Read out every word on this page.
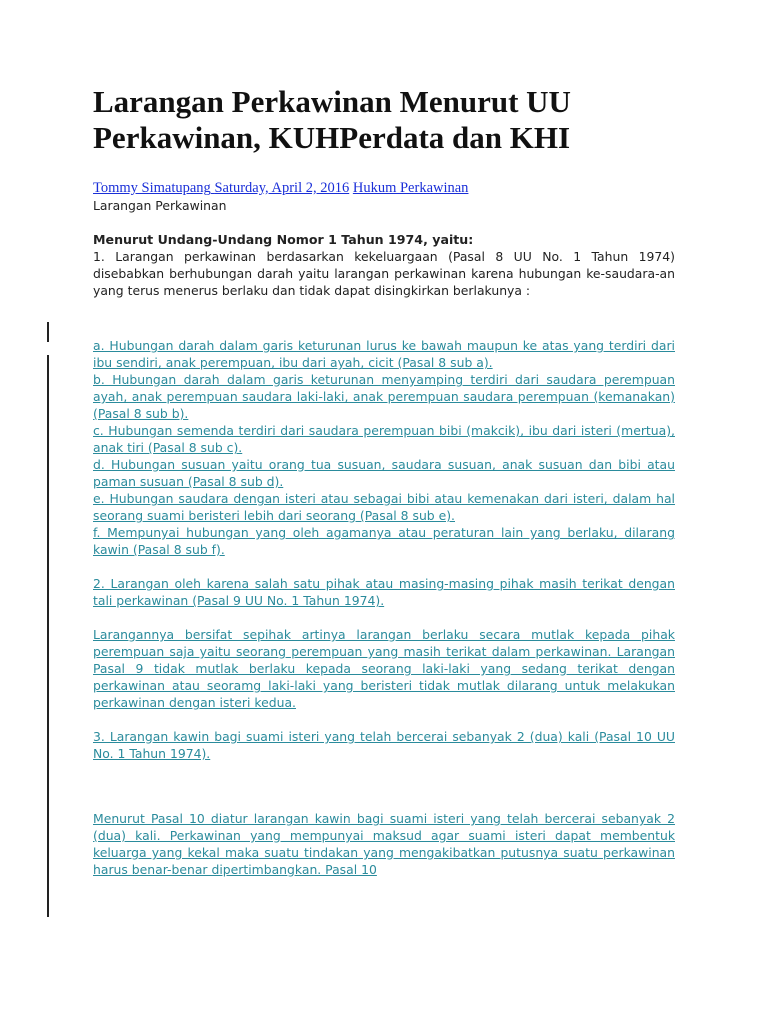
Larangan Perkawinan Menurut UU Perkawinan, KUHPerdata dan KHI
Tommy Simatupang Saturday, April 2, 2016 Hukum Perkawinan
Larangan Perkawinan
Menurut Undang-Undang Nomor 1 Tahun 1974, yaitu:

1. Larangan perkawinan berdasarkan kekeluargaan (Pasal 8 UU No. 1 Tahun 1974) disebabkan berhubungan darah yaitu larangan perkawinan karena hubungan ke-saudara-an yang terus menerus berlaku dan tidak dapat disingkirkan berlakunya :

a. Hubungan darah dalam garis keturunan lurus ke bawah maupun ke atas yang terdiri dari ibu sendiri, anak perempuan, ibu dari ayah, cicit (Pasal 8 sub a).
b. Hubungan darah dalam garis keturunan menyamping terdiri dari saudara perempuan ayah, anak perempuan saudara laki-laki, anak perempuan saudara perempuan (kemanakan) (Pasal 8 sub b).
c. Hubungan semenda terdiri dari saudara perempuan bibi (makcik), ibu dari isteri (mertua), anak tiri (Pasal 8 sub c).
d. Hubungan susuan yaitu orang tua susuan, saudara susuan, anak susuan dan bibi atau paman susuan (Pasal 8 sub d).
e. Hubungan saudara dengan isteri atau sebagai bibi atau kemenakan dari isteri, dalam hal seorang suami beristeri lebih dari seorang (Pasal 8 sub e).
f. Mempunyai hubungan yang oleh agamanya atau peraturan lain yang berlaku, dilarang kawin (Pasal 8 sub f).

2. Larangan oleh karena salah satu pihak atau masing-masing pihak masih terikat dengan tali perkawinan (Pasal 9 UU No. 1 Tahun 1974).

Larangannya bersifat sepihak artinya larangan berlaku secara mutlak kepada pihak perempuan saja yaitu seorang perempuan yang masih terikat dalam perkawinan. Larangan Pasal 9 tidak mutlak berlaku kepada seorang laki-laki yang sedang terikat dengan perkawinan atau seoramg laki-laki yang beristeri tidak mutlak dilarang untuk melakukan perkawinan dengan isteri kedua.

3. Larangan kawin bagi suami isteri yang telah bercerai sebanyak 2 (dua) kali (Pasal 10 UU No. 1 Tahun 1974).

Menurut Pasal 10 diatur larangan kawin bagi suami isteri yang telah bercerai sebanyak 2 (dua) kali. Perkawinan yang mempunyai maksud agar suami isteri dapat membentuk keluarga yang kekal maka suatu tindakan yang mengakibatkan putusnya suatu perkawinan harus benar-benar dipertimbangkan. Pasal 10
